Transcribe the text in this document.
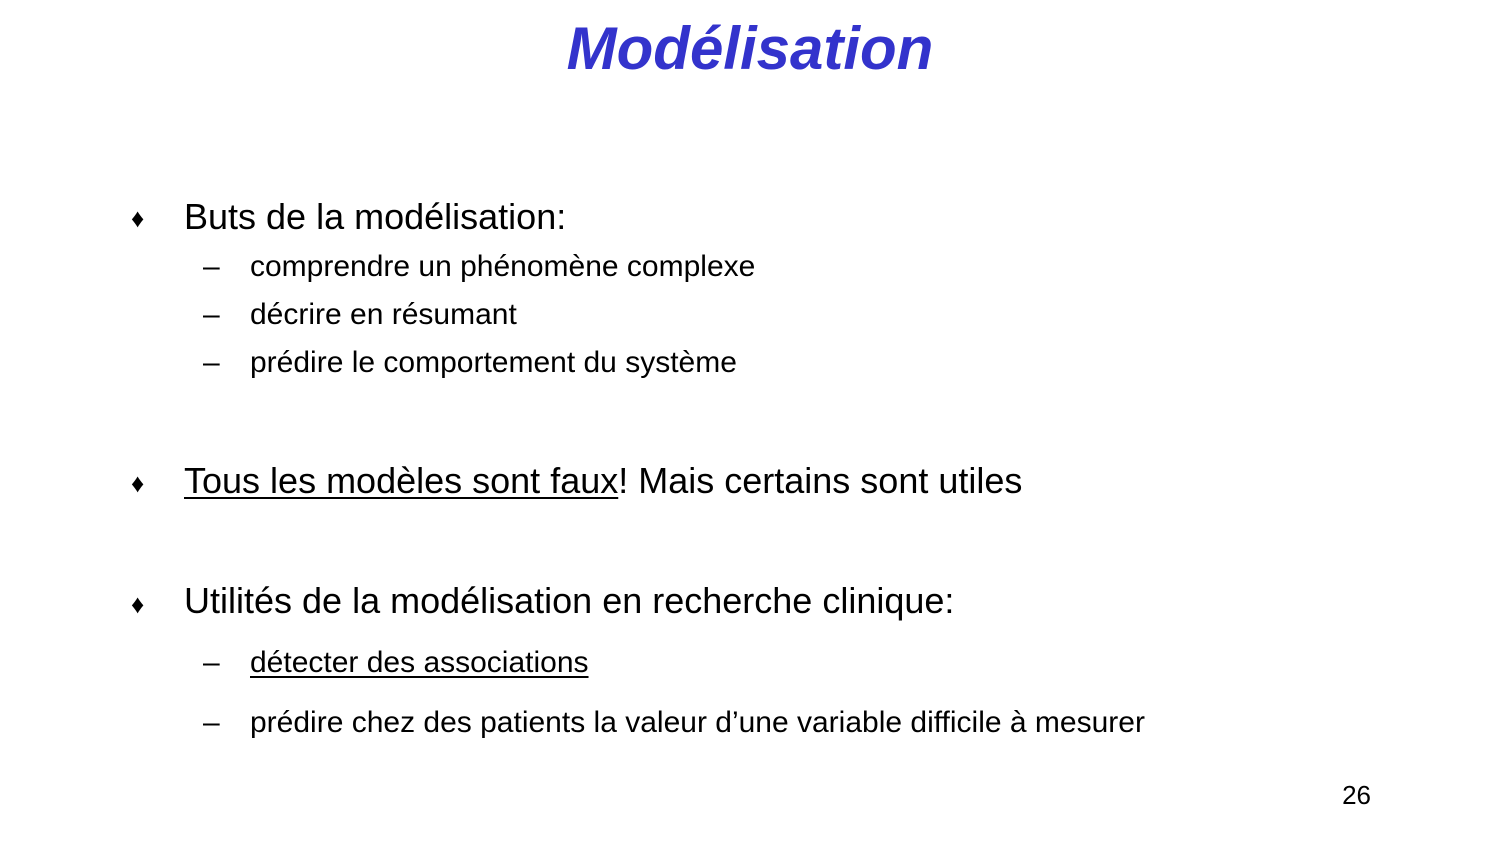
Modélisation
♦ Buts de la modélisation:
– comprendre un phénomène complexe
– décrire en résumant
– prédire le comportement du système
♦ Tous les modèles sont faux! Mais certains sont utiles
♦ Utilités de la modélisation en recherche clinique:
– détecter des associations
– prédire chez des patients la valeur d’une variable difficile à mesurer
26
